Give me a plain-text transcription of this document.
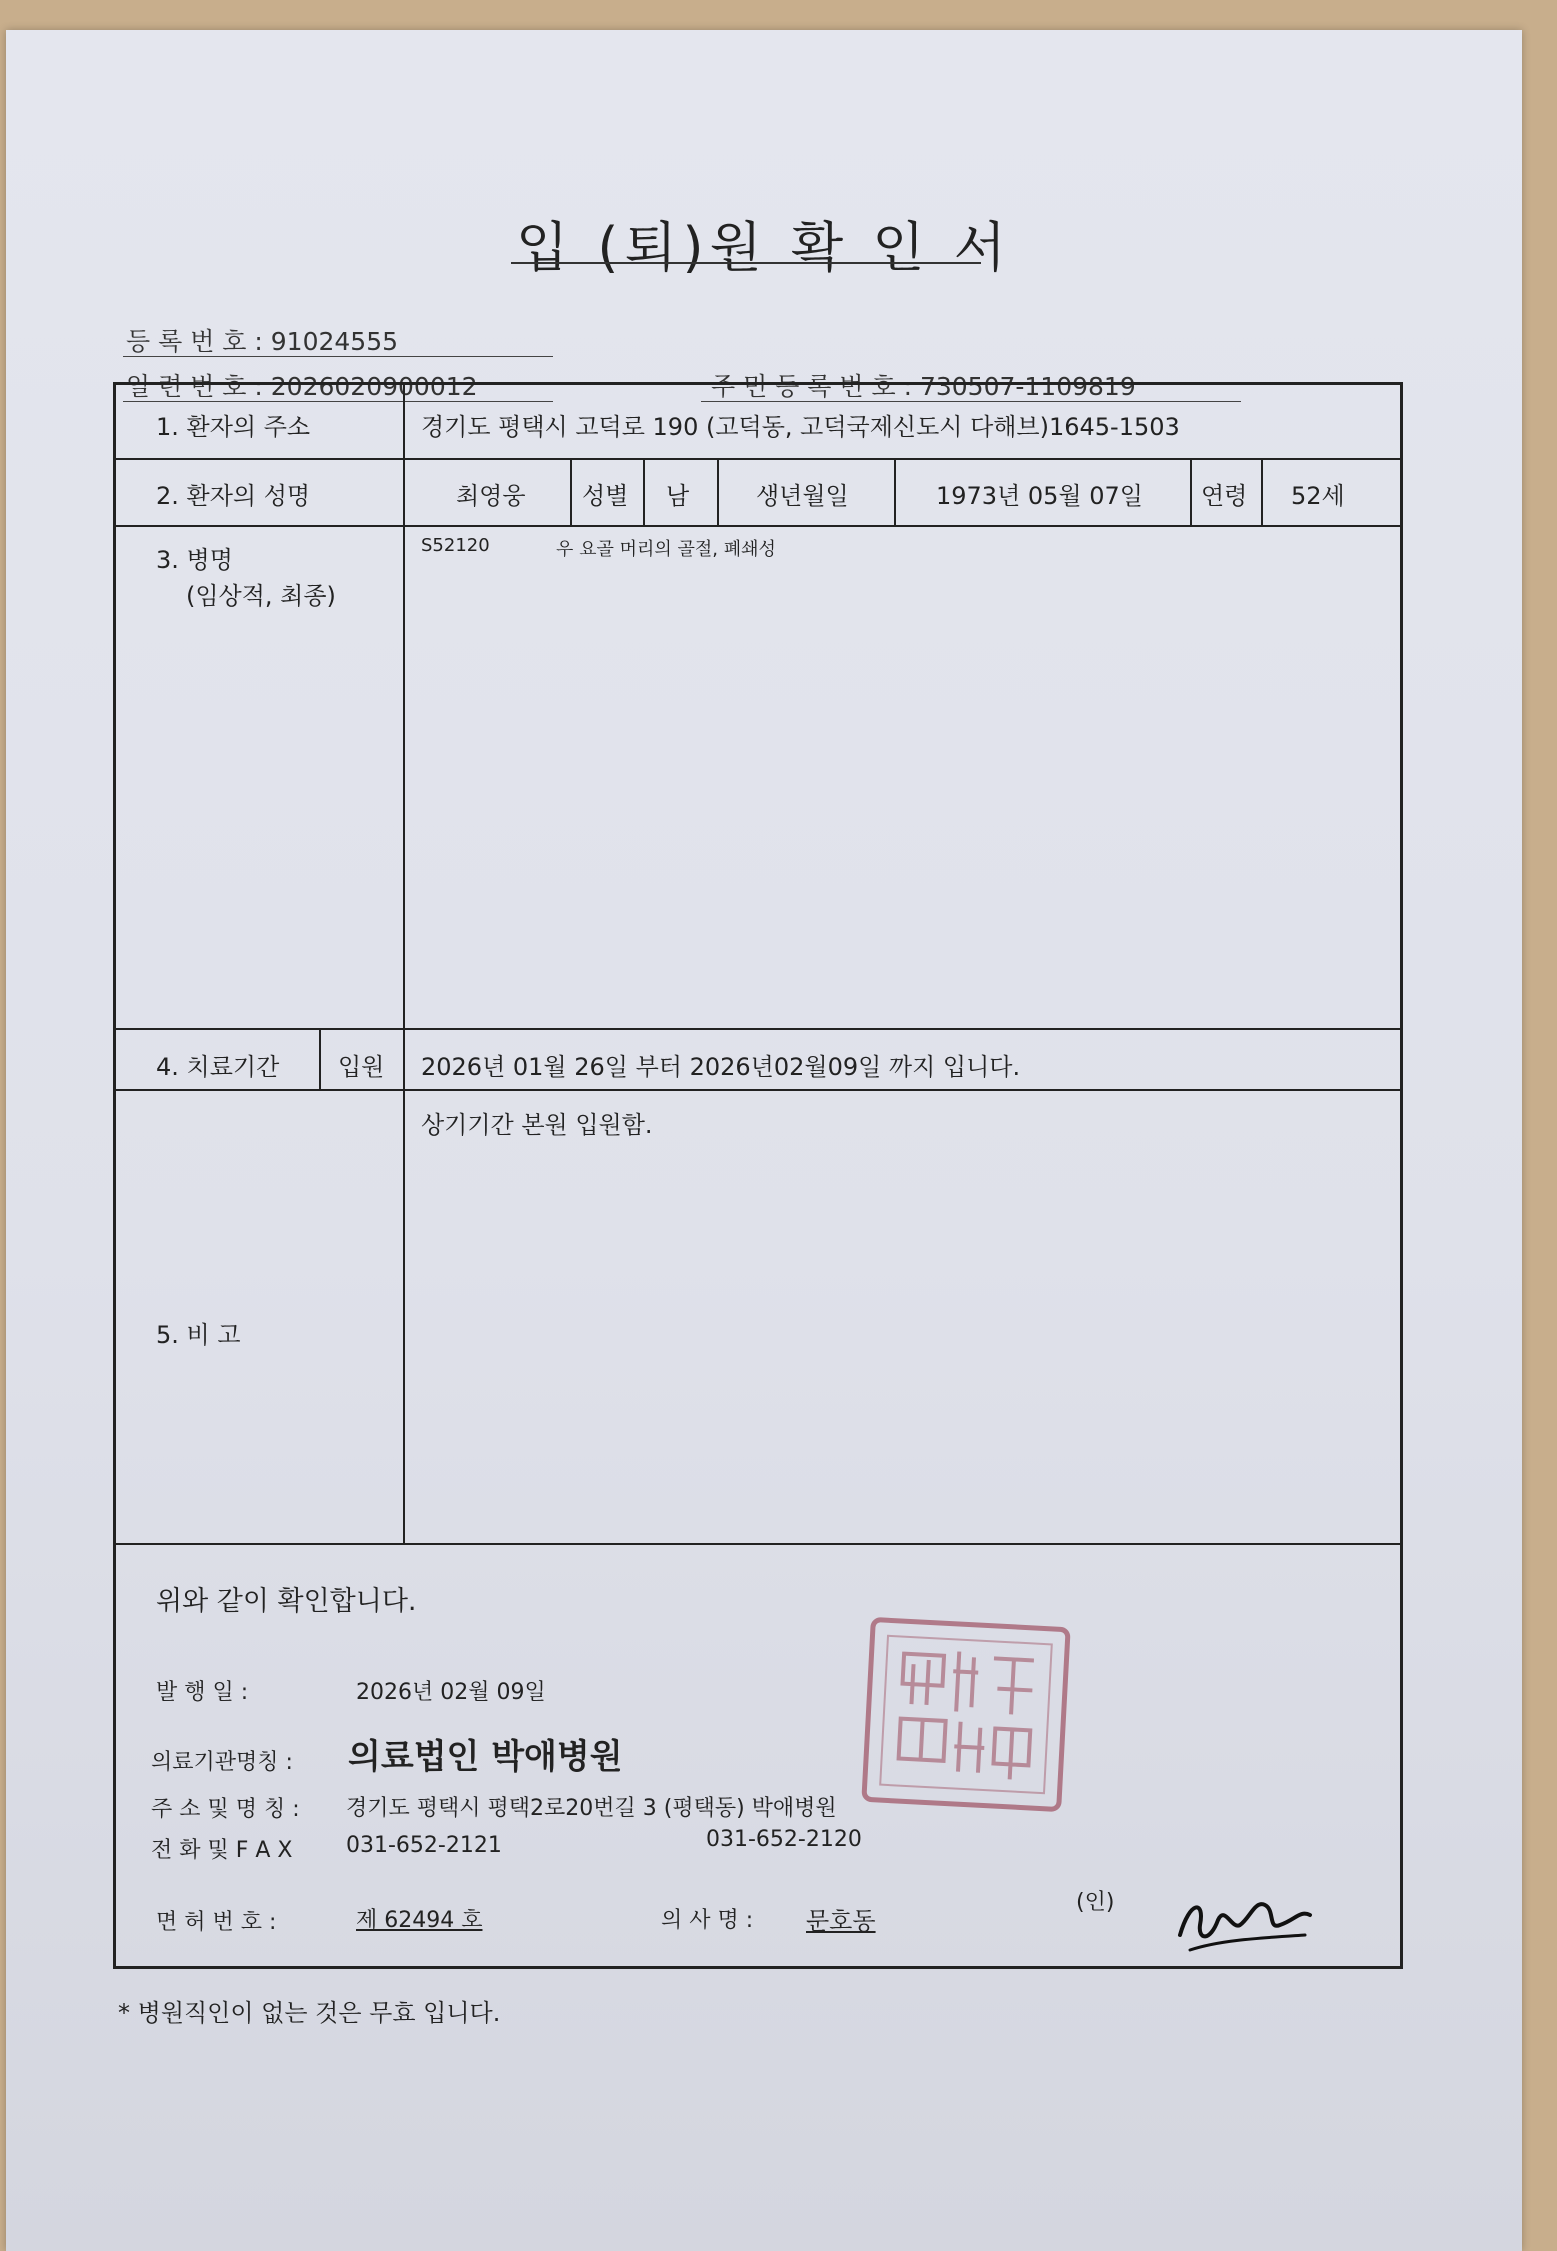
입 (퇴)원 확 인 서
등 록 번 호 : 91024555
일 련 번 호 : 2026020900012	주 민 등 록 번 호 : 730507-1109819
1. 환자의 주소	경기도 평택시 고덕로 190 (고덕동, 고덕국제신도시 다해브)1645-1503
2. 환자의 성명	최영웅 성별 남	생년월일	1973년 05월 07일 연령 52세
3. 병명
(임상적, 최종)
S52120	우 요골 머리의 골절, 폐쇄성
4. 치료기간 입원 2026년 01월 26일 부터 2026년02월09일 까지 입니다.
5. 비 고
상기기간 본원 입원함.
위와 같이 확인합니다.
발 행 일 :	2026년 02월 09일
의료기관명칭 : 의료법인 박애병원
주 소 및 명 칭 : 경기도 평택시 평택2로20번길 3 (평택동) 박애병원
전 화 및 F A X 031-652-2121	031-652-2120
면 허 번 호 :	제 62494 호	의 사 명 : 문호동
(인)
* 병원직인이 없는 것은 무효 입니다.
